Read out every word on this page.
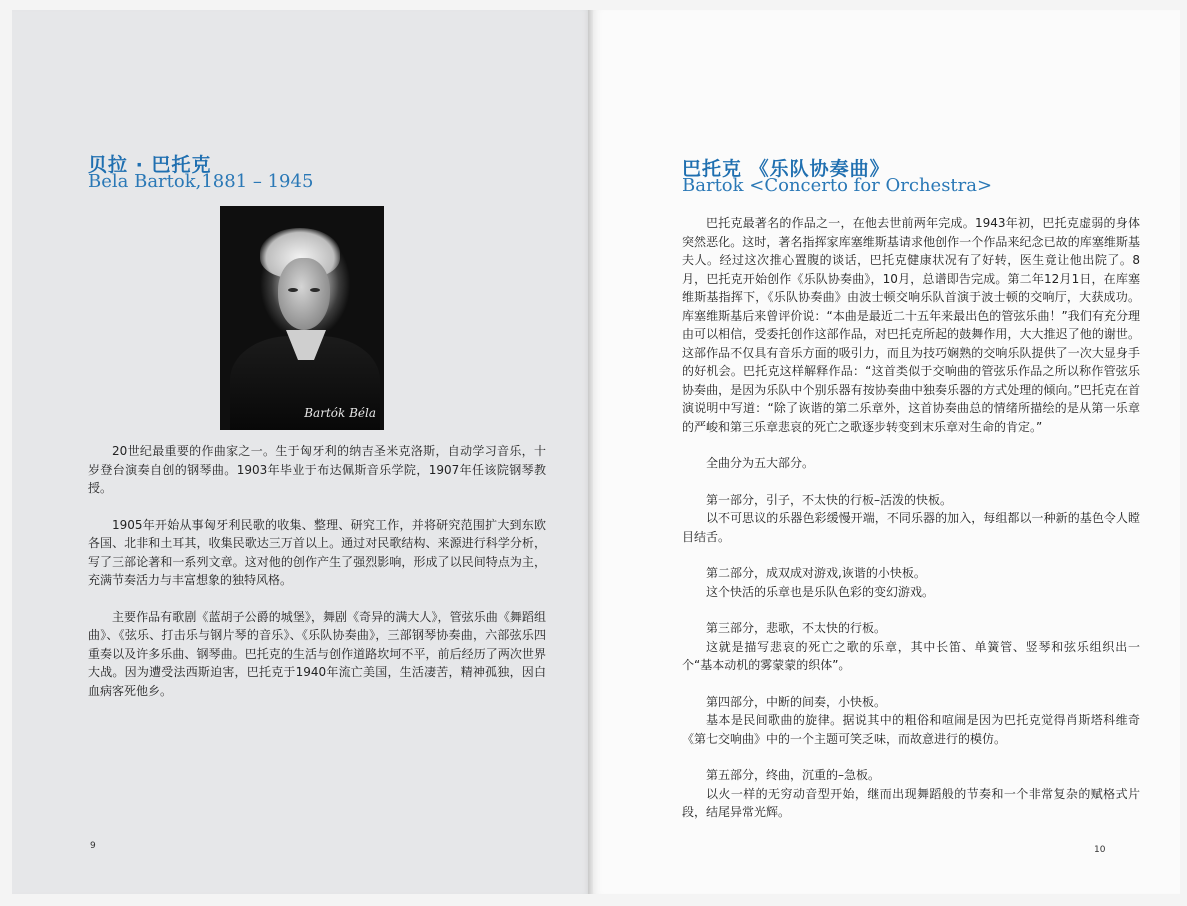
贝拉 · 巴托克
Bela Bartok,1881 – 1945
Bartók Béla

20世纪最重要的作曲家之一。生于匈牙利的纳吉圣米克洛斯，自动学习音乐，十岁登台演奏自创的钢琴曲。1903年毕业于布达佩斯音乐学院，1907年任该院钢琴教授。

1905年开始从事匈牙利民歌的收集、整理、研究工作，并将研究范围扩大到东欧各国、北非和土耳其，收集民歌达三万首以上。通过对民歌结构、来源进行科学分析，写了三部论著和一系列文章。这对他的创作产生了强烈影响，形成了以民间特点为主，充满节奏活力与丰富想象的独特风格。

主要作品有歌剧《蓝胡子公爵的城堡》，舞剧《奇异的满大人》，管弦乐曲《舞蹈组曲》、《弦乐、打击乐与钢片琴的音乐》、《乐队协奏曲》，三部钢琴协奏曲，六部弦乐四重奏以及许多乐曲、钢琴曲。巴托克的生活与创作道路坎坷不平，前后经历了两次世界大战。因为遭受法西斯迫害，巴托克于1940年流亡美国，生活凄苦，精神孤独，因白血病客死他乡。

9
巴托克 《乐队协奏曲》
Bartok <Concerto for Orchestra>

巴托克最著名的作品之一，在他去世前两年完成。1943年初，巴托克虚弱的身体突然恶化。这时，著名指挥家库塞维斯基请求他创作一个作品来纪念已故的库塞维斯基夫人。经过这次推心置腹的谈话，巴托克健康状况有了好转，医生竟让他出院了。8月，巴托克开始创作《乐队协奏曲》，10月，总谱即告完成。第二年12月1日，在库塞维斯基指挥下，《乐队协奏曲》由波士顿交响乐队首演于波士顿的交响厅，大获成功。库塞维斯基后来曾评价说：“本曲是最近二十五年来最出色的管弦乐曲！”我们有充分理由可以相信，受委托创作这部作品，对巴托克所起的鼓舞作用，大大推迟了他的谢世。这部作品不仅具有音乐方面的吸引力，而且为技巧娴熟的交响乐队提供了一次大显身手的好机会。巴托克这样解释作品：“这首类似于交响曲的管弦乐作品之所以称作管弦乐协奏曲，是因为乐队中个别乐器有按协奏曲中独奏乐器的方式处理的倾向。”巴托克在首演说明中写道：“除了诙谐的第二乐章外，这首协奏曲总的情绪所描绘的是从第一乐章的严峻和第三乐章悲哀的死亡之歌逐步转变到末乐章对生命的肯定。”

全曲分为五大部分。

第一部分，引子，不太快的行板–活泼的快板。

以不可思议的乐器色彩缓慢开端，不同乐器的加入，每组都以一种新的基色令人瞠目结舌。

第二部分，成双成对游戏,诙谐的小快板。

这个快活的乐章也是乐队色彩的变幻游戏。

第三部分，悲歌，不太快的行板。

这就是描写悲哀的死亡之歌的乐章，其中长笛、单簧管、竖琴和弦乐组织出一个“基本动机的雾蒙蒙的织体”。

第四部分，中断的间奏，小快板。

基本是民间歌曲的旋律。据说其中的粗俗和喧闹是因为巴托克觉得肖斯塔科维奇《第七交响曲》中的一个主题可笑乏味，而故意进行的模仿。

第五部分，终曲，沉重的–急板。

以火一样的无穷动音型开始，继而出现舞蹈般的节奏和一个非常复杂的赋格式片段，结尾异常光辉。

10
